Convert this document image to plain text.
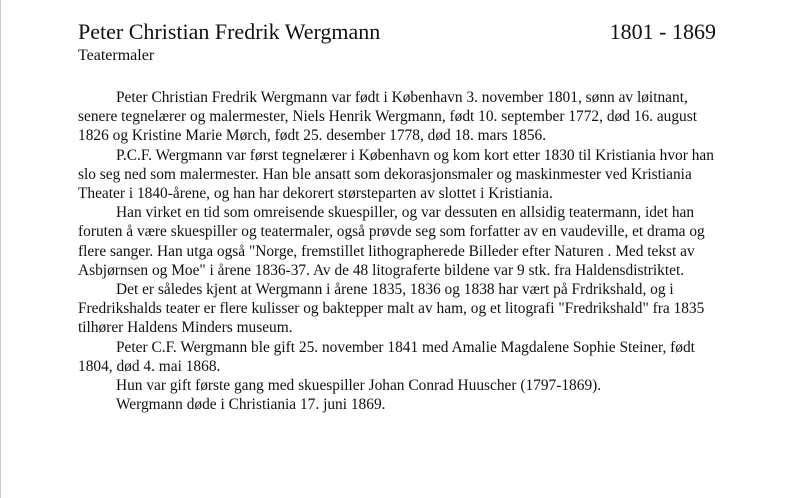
Peter Christian Fredrik Wergmann	1801 - 1869
Teatermaler

Peter Christian Fredrik Wergmann var født i København 3. november 1801, sønn av løitnant, senere tegnelærer og malermester, Niels Henrik Wergmann, født 10. september 1772, død 16. august 1826 og Kristine Marie Mørch, født 25. desember 1778, død 18. mars 1856.

P.C.F. Wergmann var først tegnelærer i København og kom kort etter 1830 til Kristiania hvor han slo seg ned som malermester. Han ble ansatt som dekorasjonsmaler og maskinmester ved Kristiania Theater i 1840-årene, og han har dekorert størsteparten av slottet i Kristiania.

Han virket en tid som omreisende skuespiller, og var dessuten en allsidig teatermann, idet han foruten å være skuespiller og teatermaler, også prøvde seg som forfatter av en vaudeville, et drama og flere sanger. Han utga også "Norge, fremstillet lithographerede Billeder efter Naturen . Med tekst av Asbjørnsen og Moe" i årene 1836-37. Av de 48 litograferte bildene var 9 stk. fra Haldensdistriktet.

Det er således kjent at Wergmann i årene 1835, 1836 og 1838 har vært på Frdrikshald, og i Fredrikshalds teater er flere kulisser og baktepper malt av ham, og et litografi "Fredrikshald" fra 1835 tilhører Haldens Minders museum.

Peter C.F. Wergmann ble gift 25. november 1841 med Amalie Magdalene Sophie Steiner, født 1804, død 4. mai 1868.

Hun var gift første gang med skuespiller Johan Conrad Huuscher (1797-1869).

Wergmann døde i Christiania 17. juni 1869.
